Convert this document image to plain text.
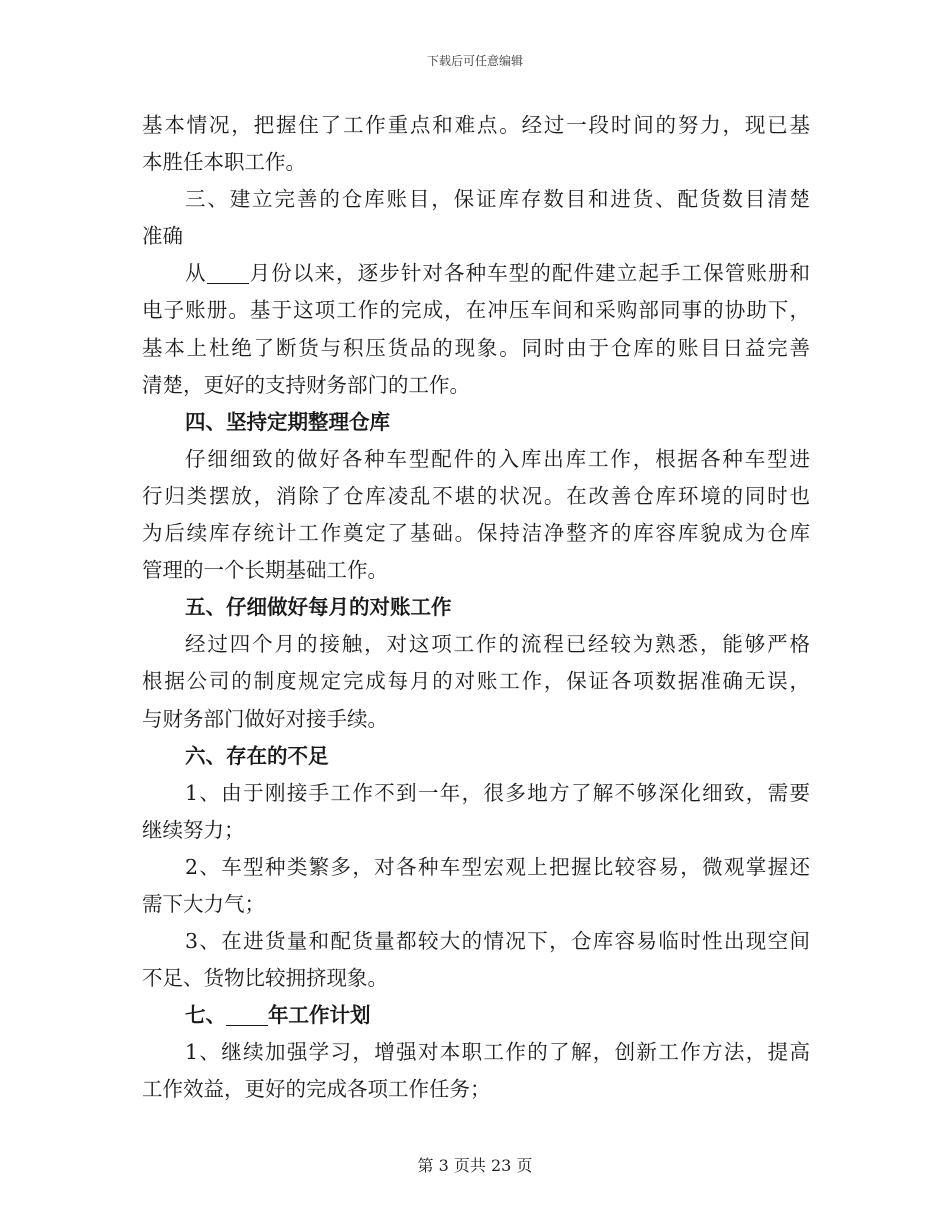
下载后可任意编辑
基本情况，把握住了工作重点和难点。经过一段时间的努力，现已基
本胜任本职工作。
三、建立完善的仓库账目，保证库存数目和进货、配货数目清楚
准确
从 月份以来，逐步针对各种车型的配件建立起手工保管账册和
电子账册。基于这项工作的完成，在冲压车间和采购部同事的协助下，
基本上杜绝了断货与积压货品的现象。同时由于仓库的账目日益完善
清楚，更好的支持财务部门的工作。
四、坚持定期整理仓库
仔细细致的做好各种车型配件的入库出库工作，根据各种车型进
行归类摆放，消除了仓库凌乱不堪的状况。在改善仓库环境的同时也
为后续库存统计工作奠定了基础。保持洁净整齐的库容库貌成为仓库
管理的一个长期基础工作。
五、仔细做好每月的对账工作
经过四个月的接触，对这项工作的流程已经较为熟悉，能够严格
根据公司的制度规定完成每月的对账工作，保证各项数据准确无误，
与财务部门做好对接手续。
六、存在的不足
1、由于刚接手工作不到一年，很多地方了解不够深化细致，需要
继续努力；
2、车型种类繁多，对各种车型宏观上把握比较容易，微观掌握还
需下大力气；
3、在进货量和配货量都较大的情况下，仓库容易临时性出现空间
不足、货物比较拥挤现象。
七、 年工作计划
1、继续加强学习，增强对本职工作的了解，创新工作方法，提高
工作效益，更好的完成各项工作任务；
第 3 页共 23 页
